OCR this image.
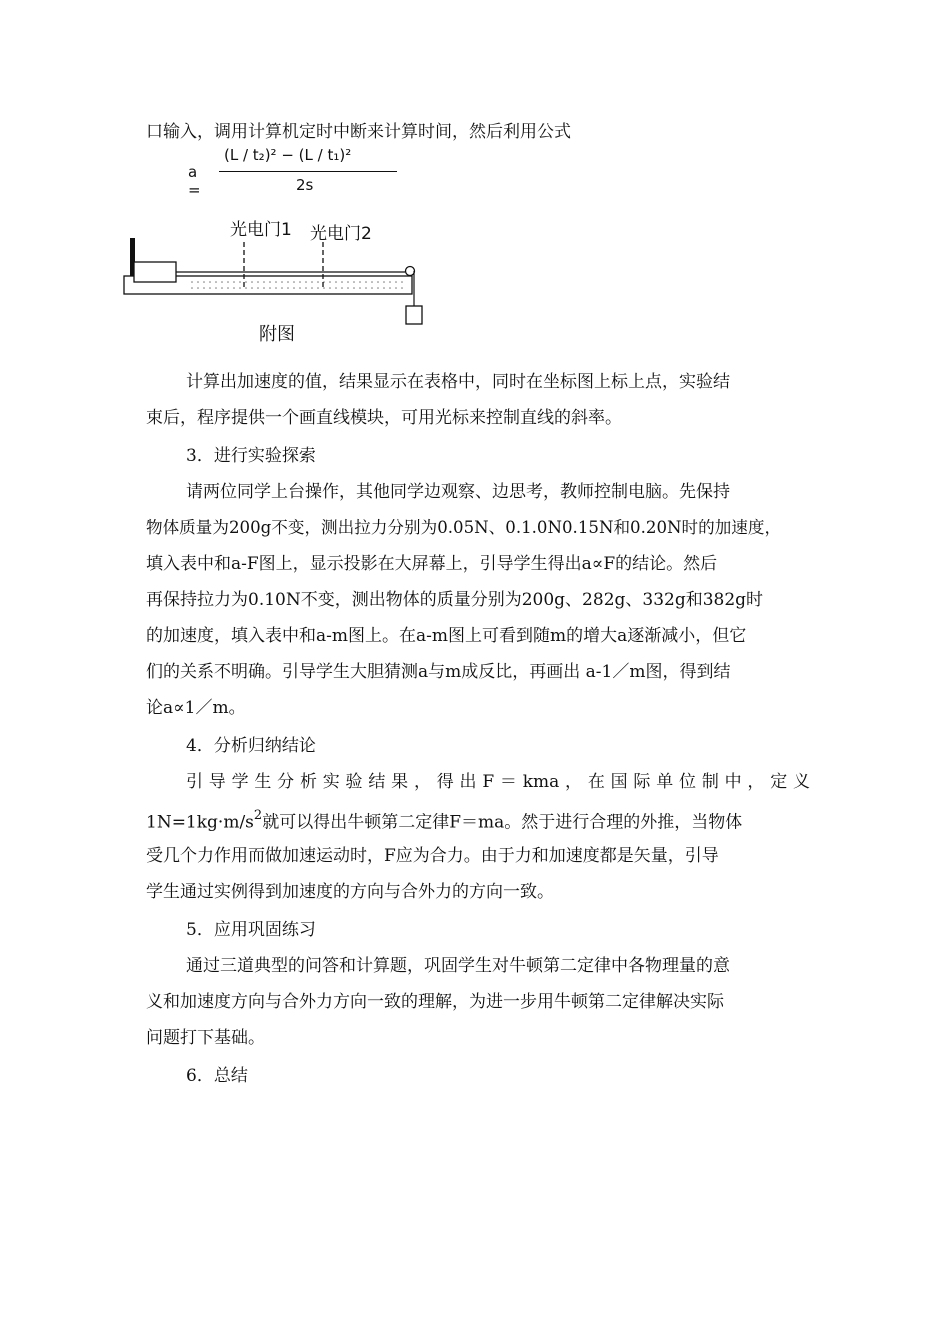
口输入，调用计算机定时中断来计算时间，然后利用公式
a =
(L / t₂)² − (L / t₁)²
2s
光电门1 光电门2
附图
计算出加速度的值，结果显示在表格中，同时在坐标图上标上点，实验结
束后，程序提供一个画直线模块，可用光标来控制直线的斜率。
3．进行实验探索
请两位同学上台操作，其他同学边观察、边思考，教师控制电脑。先保持
物体质量为200g不变，测出拉力分别为0.05N、0.1.0N0.15N和0.20N时的加速度，
填入表中和a-F图上，显示投影在大屏幕上，引导学生得出a∝F的结论。然后
再保持拉力为0.10N不变，测出物体的质量分别为200g、282g、332g和382g时
的加速度，填入表中和a-m图上。在a-m图上可看到随m的增大a逐渐减小，但它
们的关系不明确。引导学生大胆猜测a与m成反比，再画出 a-1／m图，得到结
论a∝1／m。
4．分析归纳结论
引导学生分析实验结果，得出F＝kma，在国际单位制中，定义
$1N=1kg\cdot m/s^2$就可以得出牛顿第二定律F＝ma。然于进行合理的外推，当物体
受几个力作用而做加速运动时，F应为合力。由于力和加速度都是矢量，引导
学生通过实例得到加速度的方向与合外力的方向一致。
5．应用巩固练习
通过三道典型的问答和计算题，巩固学生对牛顿第二定律中各物理量的意
义和加速度方向与合外力方向一致的理解，为进一步用牛顿第二定律解决实际
问题打下基础。
6．总结
